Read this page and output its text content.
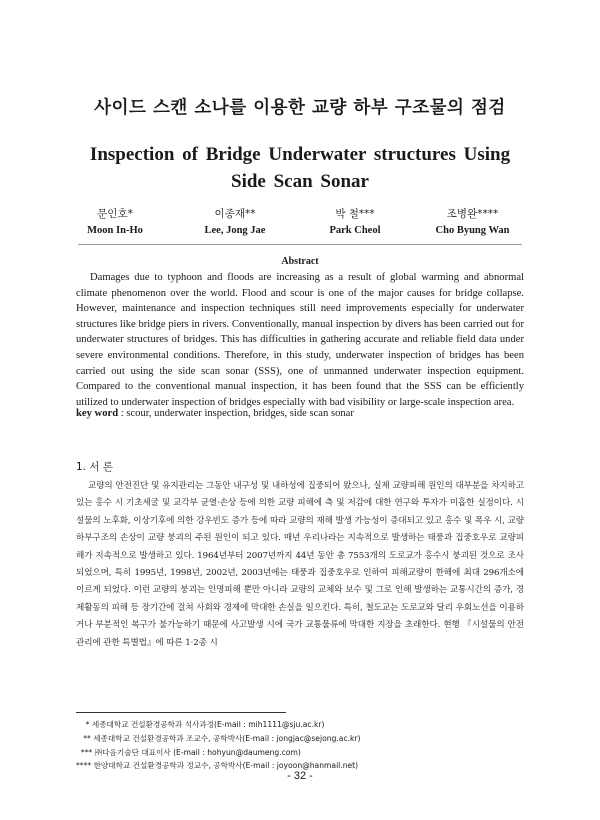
사이드 스캔 소나를 이용한 교량 하부 구조물의 점검
Inspection of Bridge Underwater structures Using
Side Scan Sonar
문인호*
Moon In-Ho
이종재**
Lee, Jong Jae
박 철***
Park Cheol
조병완****
Cho Byung Wan
Abstract
Damages due to typhoon and floods are increasing as a result of global warming and abnormal climate phenomenon over the world. Flood and scour is one of the major causes for bridge collapse. However, maintenance and inspection techniques still need improvements especially for underwater structures like bridge piers in rivers. Conventionally, manual inspection by divers has been carried out for underwater structures of bridges. This has difficulties in gathering accurate and reliable field data under severe environmental conditions. Therefore, in this study, underwater inspection of bridges has been carried out using the side scan sonar (SSS), one of unmanned underwater inspection equipment. Compared to the conventional manual inspection, it has been found that the SSS can be efficiently utilized to underwater inspection of bridges especially with bad visibility or large-scale inspection area.
key word : scour, underwater inspection, bridges, side scan sonar
1. 서 론
교량의 안전진단 및 유지관리는 그동안 내구성 및 내하성에 집중되어 왔으나, 실제 교량피해 원인의 대부분을 차지하고 있는 홍수 시 기초세굴 및 교각부 균열·손상 등에 의한 교량 피해에 측 및 저감에 대한 연구와 투자가 미흡한 실정이다. 시설물의 노후화, 이상기후에 의한 강우빈도 증가 등에 따라 교량의 재해 발생 가능성이 증대되고 있고 홍수 및 폭우 시, 교량 하부구조의 손상이 교량 붕괴의 주된 원인이 되고 있다. 매년 우리나라는 지속적으로 발생하는 태풍과 집중호우로 교량피해가 지속적으로 발생하고 있다. 1964년부터 2007년까지 44년 동안 총 7553개의 도로교가 홍수시 붕괴된 것으로 조사되었으며, 특히 1995년, 1998년, 2002년, 2003년에는 태풍과 집중호우로 인하여 피해교량이 한해에 최대 296개소에 이르게 되었다. 이런 교량의 붕괴는 인명피해 뿐만 아니라 교량의 교체와 보수 및 그로 인해 발생하는 교통시간의 증가, 경제활동의 피해 등 장기간에 걸쳐 사회와 경제에 막대한 손실을 일으킨다. 특히, 철도교는 도로교와 달리 우회노선을 이용하거나 부분적인 복구가 불가능하기 때문에 사고발생 시에 국가 교통물류에 막대한 지장을 초래한다. 현행 『시설물의 안전관리에 관한 특별법』에 따른 1·2종 시
* 세종대학교 건설환경공학과 석사과정(E-mail : mih1111@sju.ac.kr)
** 세종대학교 건설환경공학과 조교수, 공학박사(E-mail : jongjac@sejong.ac.kr)
*** ㈜다음기술단 대표이사 (E-mail : hohyun@daumeng.com)
**** 한양대학교 건설환경공학과 정교수, 공학박사(E-mail : joyoon@hanmail.net)
- 32 -
